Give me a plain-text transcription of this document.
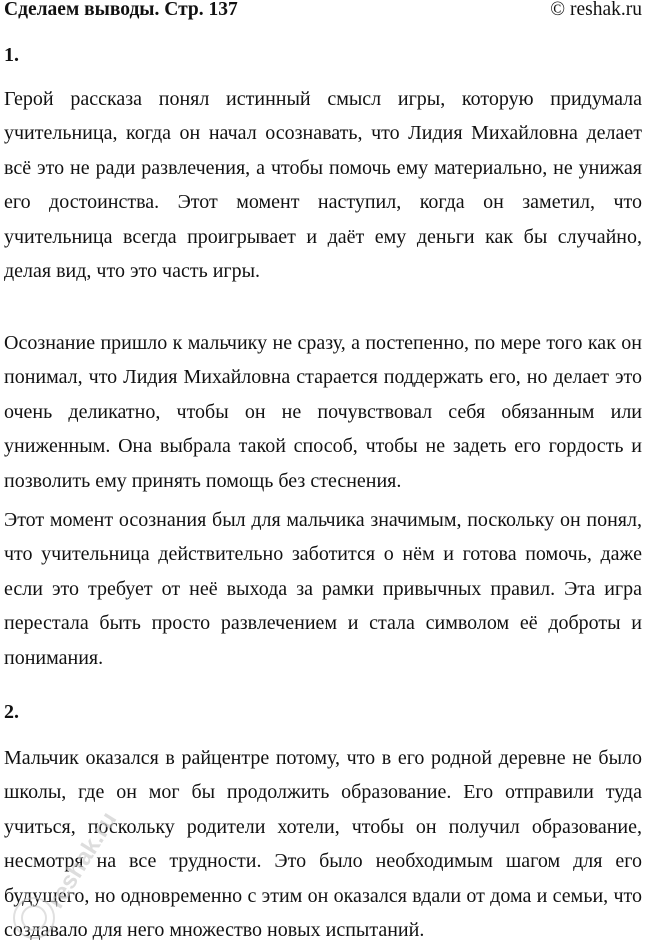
Сделаем выводы. Стр. 137	© reshak.ru
1.

Герой рассказа понял истинный смысл игры, которую придумала учительница, когда он начал осознавать, что Лидия Михайловна делает всё это не ради развлечения, а чтобы помочь ему материально, не унижая его достоинства. Этот момент наступил, когда он заметил, что учительница всегда проигрывает и даёт ему деньги как бы случайно, делая вид, что это часть игры.

Осознание пришло к мальчику не сразу, а постепенно, по мере того как он понимал, что Лидия Михайловна старается поддержать его, но делает это очень деликатно, чтобы он не почувствовал себя обязанным или униженным. Она выбрала такой способ, чтобы не задеть его гордость и позволить ему принять помощь без стеснения.

Этот момент осознания был для мальчика значимым, поскольку он понял, что учительница действительно заботится о нём и готова помочь, даже если это требует от неё выхода за рамки привычных правил. Эта игра перестала быть просто развлечением и стала символом её доброты и понимания.

2.

Мальчик оказался в райцентре потому, что в его родной деревне не было школы, где он мог бы продолжить образование. Его отправили туда учиться, поскольку родители хотели, чтобы он получил образование, несмотря на все трудности. Это было необходимым шагом для его будущего, но одновременно с этим он оказался вдали от дома и семьи, что создавало для него множество новых испытаний.

reshak.ru
